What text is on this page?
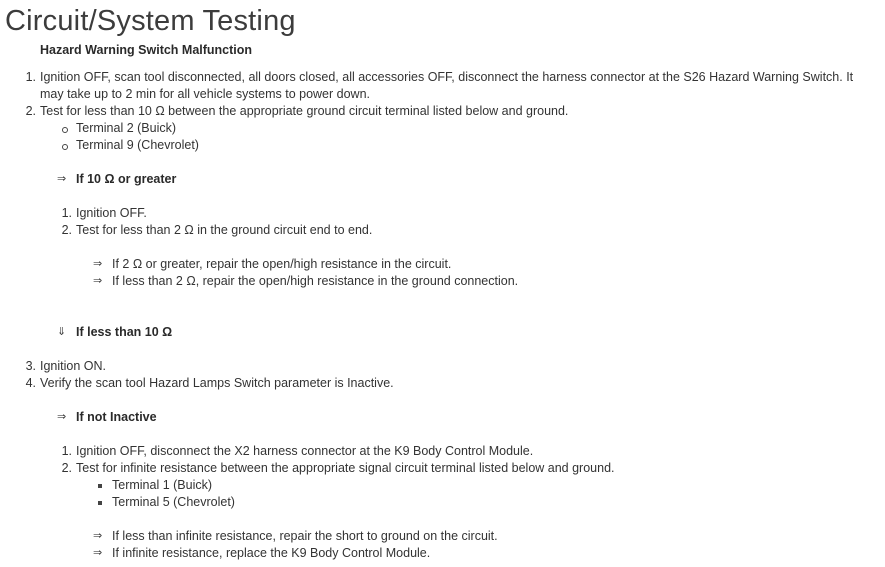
Circuit/System Testing
Hazard Warning Switch Malfunction
1. Ignition OFF, scan tool disconnected, all doors closed, all accessories OFF, disconnect the harness connector at the S26 Hazard Warning Switch. It
may take up to 2 min for all vehicle systems to power down.
2. Test for less than 10 Ω between the appropriate ground circuit terminal listed below and ground.
Terminal 2 (Buick)
Terminal 9 (Chevrolet)
⇒ If 10 Ω or greater
1. Ignition OFF.
2. Test for less than 2 Ω in the ground circuit end to end.
⇒ If 2 Ω or greater, repair the open/high resistance in the circuit.
⇒ If less than 2 Ω, repair the open/high resistance in the ground connection.
⇓ If less than 10 Ω
3. Ignition ON.
4. Verify the scan tool Hazard Lamps Switch parameter is Inactive.
⇒ If not Inactive
1. Ignition OFF, disconnect the X2 harness connector at the K9 Body Control Module.
2. Test for infinite resistance between the appropriate signal circuit terminal listed below and ground.
Terminal 1 (Buick)
Terminal 5 (Chevrolet)
⇒ If less than infinite resistance, repair the short to ground on the circuit.
⇒ If infinite resistance, replace the K9 Body Control Module.
